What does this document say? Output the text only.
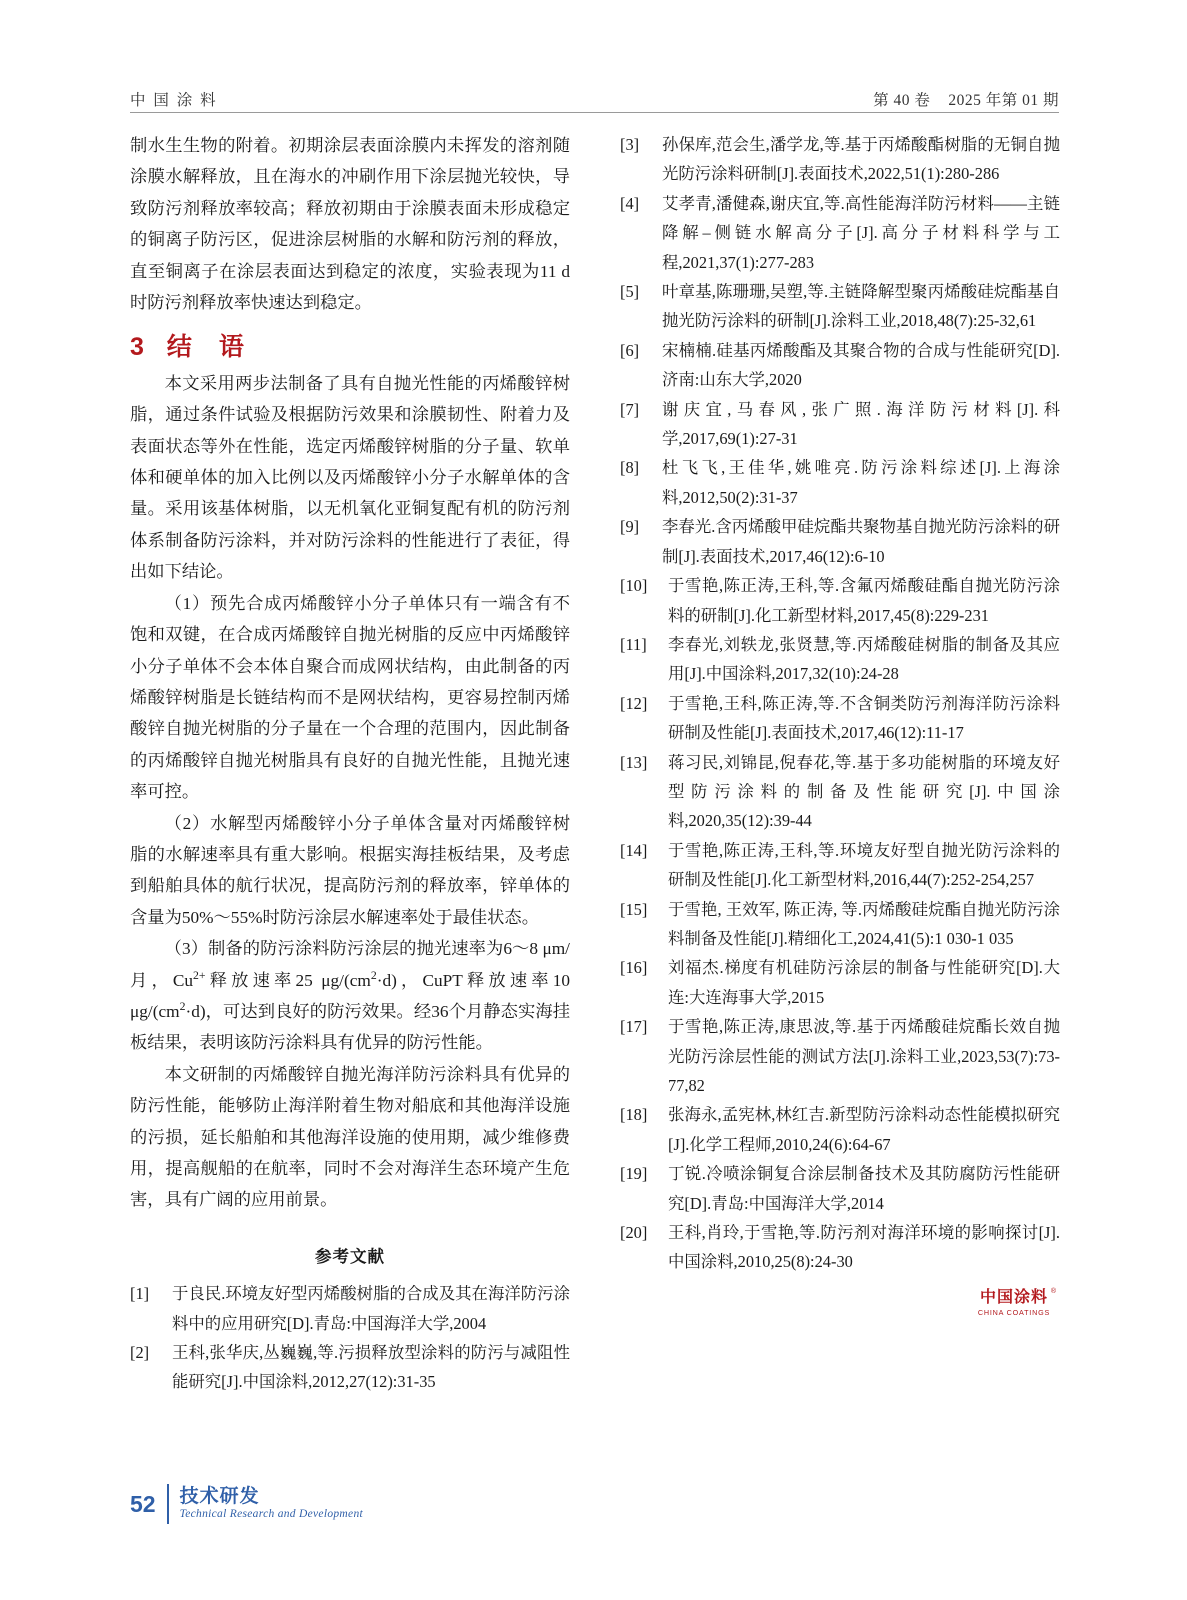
中 国 涂 料	第 40 卷 2025 年第 01 期

制水生生物的附着。初期涂层表面涂膜内未挥发的溶剂随涂膜水解释放，且在海水的冲刷作用下涂层抛光较快，导致防污剂释放率较高；释放初期由于涂膜表面未形成稳定的铜离子防污区，促进涂层树脂的水解和防污剂的释放，直至铜离子在涂层表面达到稳定的浓度，实验表现为11 d时防污剂释放率快速达到稳定。

3 结 语

本文采用两步法制备了具有自抛光性能的丙烯酸锌树脂，通过条件试验及根据防污效果和涂膜韧性、附着力及表面状态等外在性能，选定丙烯酸锌树脂的分子量、软单体和硬单体的加入比例以及丙烯酸锌小分子水解单体的含量。采用该基体树脂，以无机氧化亚铜复配有机的防污剂体系制备防污涂料，并对防污涂料的性能进行了表征，得出如下结论。

（1）预先合成丙烯酸锌小分子单体只有一端含有不饱和双键，在合成丙烯酸锌自抛光树脂的反应中丙烯酸锌小分子单体不会本体自聚合而成网状结构，由此制备的丙烯酸锌树脂是长链结构而不是网状结构，更容易控制丙烯酸锌自抛光树脂的分子量在一个合理的范围内，因此制备的丙烯酸锌自抛光树脂具有良好的自抛光性能，且抛光速率可控。

（2）水解型丙烯酸锌小分子单体含量对丙烯酸锌树脂的水解速率具有重大影响。根据实海挂板结果，及考虑到船舶具体的航行状况，提高防污剂的释放率，锌单体的含量为50%～55%时防污涂层水解速率处于最佳状态。

（3）制备的防污涂料防污涂层的抛光速率为6～8 μm/月，$Cu^{2+}$释放速率25 $\mu g/(cm^2\cdot d)$，CuPT释放速率10 $\mu g/(cm^2\cdot d)$，可达到良好的防污效果。经36个月静态实海挂板结果，表明该防污涂料具有优异的防污性能。

本文研制的丙烯酸锌自抛光海洋防污涂料具有优异的防污性能，能够防止海洋附着生物对船底和其他海洋设施的污损，延长船舶和其他海洋设施的使用期，减少维修费用，提高舰船的在航率，同时不会对海洋生态环境产生危害，具有广阔的应用前景。

参考文献
[1]	于良民.环境友好型丙烯酸树脂的合成及其在海洋防污涂料中的应用研究[D].青岛:中国海洋大学,2004
[2]	王科,张华庆,丛巍巍,等.污损释放型涂料的防污与减阻性能研究[J].中国涂料,2012,27(12):31-35
[3]	孙保库,范会生,潘学龙,等.基于丙烯酸酯树脂的无铜自抛光防污涂料研制[J].表面技术,2022,51(1):280-286
[4]	艾孝青,潘健森,谢庆宜,等.高性能海洋防污材料——主链降解–侧链水解高分子[J].高分子材料科学与工程,2021,37(1):277-283
[5]	叶章基,陈珊珊,吴塑,等.主链降解型聚丙烯酸硅烷酯基自抛光防污涂料的研制[J].涂料工业,2018,48(7):25-32,61
[6]	宋楠楠.硅基丙烯酸酯及其聚合物的合成与性能研究[D].济南:山东大学,2020
[7]	谢庆宜,马春风,张广照.海洋防污材料[J].科学,2017,69(1):27-31
[8]	杜飞飞,王佳华,姚唯亮.防污涂料综述[J].上海涂料,2012,50(2):31-37
[9]	李春光.含丙烯酸甲硅烷酯共聚物基自抛光防污涂料的研制[J].表面技术,2017,46(12):6-10
[10]	于雪艳,陈正涛,王科,等.含氟丙烯酸硅酯自抛光防污涂料的研制[J].化工新型材料,2017,45(8):229-231
[11]	李春光,刘轶龙,张贤慧,等.丙烯酸硅树脂的制备及其应用[J].中国涂料,2017,32(10):24-28
[12]	于雪艳,王科,陈正涛,等.不含铜类防污剂海洋防污涂料研制及性能[J].表面技术,2017,46(12):11-17
[13]	蒋习民,刘锦昆,倪春花,等.基于多功能树脂的环境友好型防污涂料的制备及性能研究[J].中国涂料,2020,35(12):39-44
[14]	于雪艳,陈正涛,王科,等.环境友好型自抛光防污涂料的研制及性能[J].化工新型材料,2016,44(7):252-254,257
[15]	于雪艳, 王效军, 陈正涛, 等.丙烯酸硅烷酯自抛光防污涂料制备及性能[J].精细化工,2024,41(5):1 030-1 035
[16]	刘福杰.梯度有机硅防污涂层的制备与性能研究[D].大连:大连海事大学,2015
[17]	于雪艳,陈正涛,康思波,等.基于丙烯酸硅烷酯长效自抛光防污涂层性能的测试方法[J].涂料工业,2023,53(7):73-77,82
[18]	张海永,孟宪林,林红吉.新型防污涂料动态性能模拟研究[J].化学工程师,2010,24(6):64-67
[19]	丁锐.冷喷涂铜复合涂层制备技术及其防腐防污性能研究[D].青岛:中国海洋大学,2014
[20]	王科,肖玲,于雪艳,等.防污剂对海洋环境的影响探讨[J].中国涂料,2010,25(8):24-30
中国涂料 ®
CHINA COATINGS
52 技术研发
Technical Research and Development
